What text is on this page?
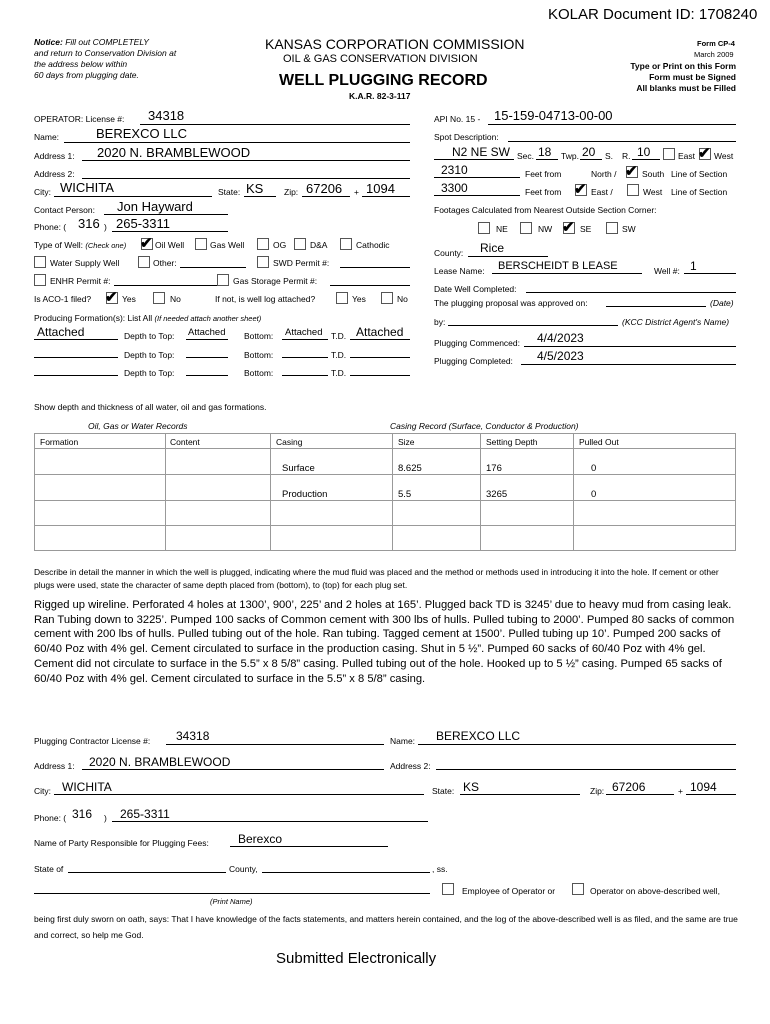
KOLAR Document ID: 1708240
Notice: Fill out COMPLETELY
and return to Conservation Division at
the address below within
60 days from plugging date.
KANSAS CORPORATION COMMISSION
OIL & GAS CONSERVATION DIVISION
WELL PLUGGING RECORD
K.A.R. 82-3-117
Form CP-4
March 2009
Type or Print on this Form
Form must be Signed
All blanks must be Filled
OPERATOR: License #: 34318
Name:	BEREXCO LLC
Address 1: 2020 N. BRAMBLEWOOD
Address 2:
City: WICHITA	State: KS Zip: 67206 + 1094
Contact Person: Jon Hayward
Phone: ( 316 ) 265-3311
Type of Well: (Check one) ✔ Oil Well	Gas Well	OG	D&A	Cathodic
Water Supply Well	Other:	SWD Permit #:
ENHR Permit #:	Gas Storage Permit #:
Is ACO-1 filed? ✔ Yes	No	If not, is well log attached?	Yes	No
Producing Formation(s): List All (If needed attach another sheet)
Attached	Depth to Top: Attached Bottom: Attached T.D. Attached
Depth to Top:	Bottom:	T.D.
Depth to Top:	Bottom:	T.D.
API No. 15 - 15-159-04713-00-00
Spot Description:
N2 NE SW Sec. 18 Twp. 20 S. R. 10	East ✔ West
2310	Feet from	North / ✔ South Line of Section
3300	Feet from ✔ East /	West Line of Section
Footages Calculated from Nearest Outside Section Corner:
NE	NW ✔ SE	SW
County: Rice
Lease Name: BERSCHEIDT B LEASE	Well #: 1
Date Well Completed:
The plugging proposal was approved on:	(Date)
by:	(KCC District Agent's Name)
Plugging Commenced: 4/4/2023
Plugging Completed: 4/5/2023
Show depth and thickness of all water, oil and gas formations.
Oil, Gas or Water Records	Casing Record (Surface, Conductor & Production)
Formation	Content	Casing	Size	Setting Depth	Pulled Out
Surface	8.625	176	0
Production	5.5	3265	0
Describe in detail the manner in which the well is plugged, indicating where the mud fluid was placed and the method or methods used in introducing it into the hole. If cement or other plugs were used, state the character of same depth placed from (bottom), to (top) for each plug set.
Rigged up wireline. Perforated 4 holes at 1300’, 900’, 225’ and 2 holes at 165’. Plugged back TD is 3245’ due to heavy mud from casing leak. Ran Tubing down to 3225’. Pumped 100 sacks of Common cement with 300 lbs of hulls. Pulled tubing to 2000’. Pumped 80 sacks of common cement with 200 lbs of hulls. Pulled tubing out of the hole. Ran tubing. Tagged cement at 1500’. Pulled tubing up 10’. Pumped 200 sacks of 60/40 Poz with 4% gel. Cement circulated to surface in the production casing. Shut in 5 ½”. Pumped 60 sacks of 60/40 Poz with 4% gel. Cement did not circulate to surface in the 5.5” x 8 5/8” casing. Pulled tubing out of the hole. Hooked up to 5 ½” casing. Pumped 65 sacks of 60/40 Poz with 4% gel. Cement circulated to surface in the 5.5” x 8 5/8” casing.
Plugging Contractor License #: 34318	Name: BEREXCO LLC
Address 1: 2020 N. BRAMBLEWOOD	Address 2:
City: WICHITA	State: KS	Zip: 67206	+ 1094
Phone: ( 316 ) 265-3311
Name of Party Responsible for Plugging Fees: Berexco
State of	County,	, ss.
(Print Name)
Employee of Operator or	Operator on above-described well,
being first duly sworn on oath, says: That I have knowledge of the facts statements, and matters herein contained, and the log of the above-described well is as filed, and the same are true and correct, so help me God.
Submitted Electronically
